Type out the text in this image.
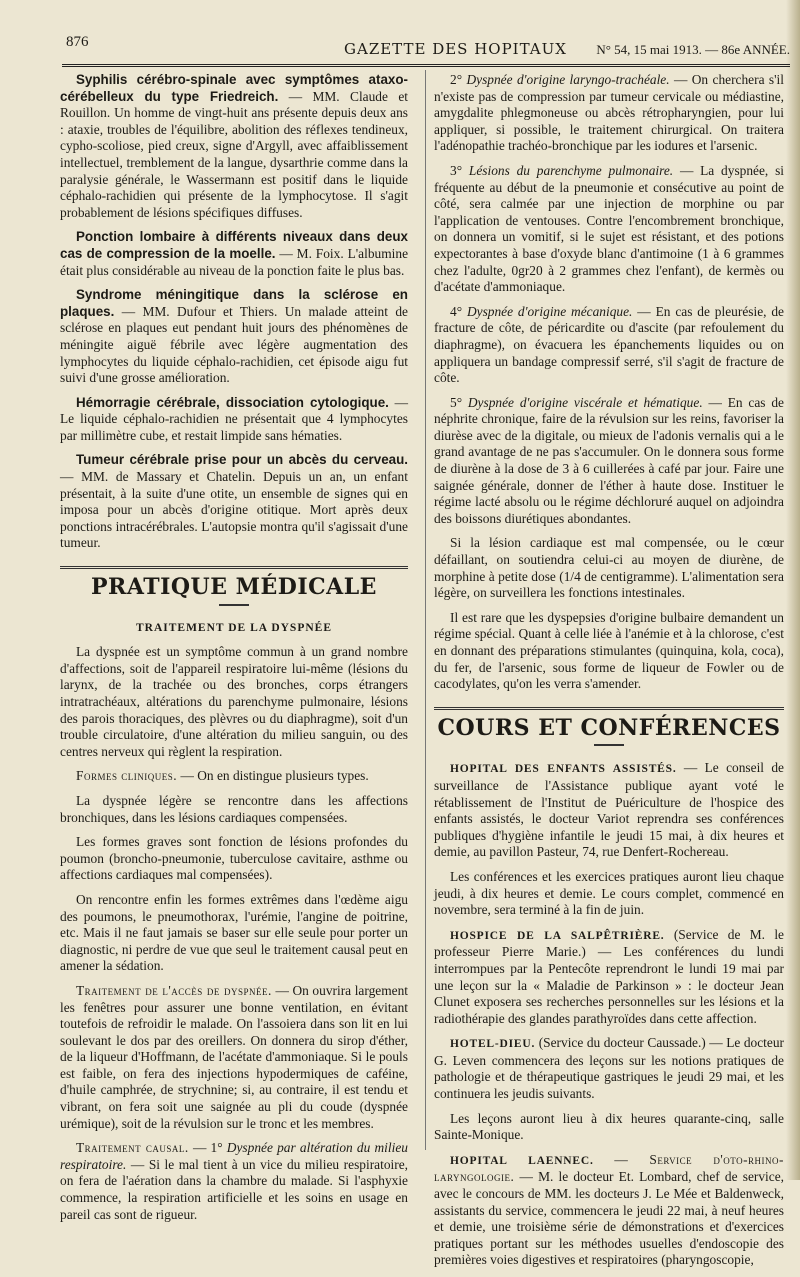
876	GAZETTE DES HOPITAUX N° 54, 15 mai 1913. — 86e ANNÉE.

Syphilis cérébro-spinale avec symptômes ataxo-cérébelleux du type Friedreich. — MM. Claude et Rouillon. Un homme de vingt-huit ans présente depuis deux ans : ataxie, troubles de l'équilibre, abolition des réflexes tendineux, cypho-scoliose, pied creux, signe d'Argyll, avec affaiblissement intellectuel, tremblement de la langue, dysarthrie comme dans la paralysie générale, le Wassermann est positif dans le liquide céphalo-rachidien qui présente de la lymphocytose. Il s'agit probablement de lésions spécifiques diffuses.

Ponction lombaire à différents niveaux dans deux cas de compression de la moelle. — M. Foix. L'albumine était plus considérable au niveau de la ponction faite le plus bas.

Syndrome méningitique dans la sclérose en plaques. — MM. Dufour et Thiers. Un malade atteint de sclérose en plaques eut pendant huit jours des phénomènes de méningite aiguë fébrile avec légère augmentation des lymphocytes du liquide céphalo-rachidien, cet épisode aigu fut suivi d'une grosse amélioration.

Hémorragie cérébrale, dissociation cytologique. — Le liquide céphalo-rachidien ne présentait que 4 lymphocytes par millimètre cube, et restait limpide sans hématies.

Tumeur cérébrale prise pour un abcès du cerveau. — MM. de Massary et Chatelin. Depuis un an, un enfant présentait, à la suite d'une otite, un ensemble de signes qui en imposa pour un abcès d'origine otitique. Mort après deux ponctions intracérébrales. L'autopsie montra qu'il s'agissait d'une tumeur.

PRATIQUE MÉDICALE
TRAITEMENT DE LA DYSPNÉE

La dyspnée est un symptôme commun à un grand nombre d'affections, soit de l'appareil respiratoire lui-même (lésions du larynx, de la trachée ou des bronches, corps étrangers intratrachéaux, altérations du parenchyme pulmonaire, lésions des parois thoraciques, des plèvres ou du diaphragme), soit d'un trouble circulatoire, d'une altération du milieu sanguin, ou des centres nerveux qui règlent la respiration.

Formes cliniques. — On en distingue plusieurs types.

La dyspnée légère se rencontre dans les affections bronchiques, dans les lésions cardiaques compensées.

Les formes graves sont fonction de lésions profondes du poumon (broncho-pneumonie, tuberculose cavitaire, asthme ou affections cardiaques mal compensées).

On rencontre enfin les formes extrêmes dans l'œdème aigu des poumons, le pneumothorax, l'urémie, l'angine de poitrine, etc. Mais il ne faut jamais se baser sur elle seule pour porter un diagnostic, ni perdre de vue que seul le traitement causal peut en amener la sédation.

Traitement de l'accès de dyspnée. — On ouvrira largement les fenêtres pour assurer une bonne ventilation, en évitant toutefois de refroidir le malade. On l'assoiera dans son lit en lui soulevant le dos par des oreillers. On donnera du sirop d'éther, de la liqueur d'Hoffmann, de l'acétate d'ammoniaque. Si le pouls est faible, on fera des injections hypodermiques de caféine, d'huile camphrée, de strychnine; si, au contraire, il est tendu et vibrant, on fera soit une saignée au pli du coude (dyspnée urémique), soit de la révulsion sur le tronc et les membres.

Traitement causal. — 1° Dyspnée par altération du milieu respiratoire. — Si le mal tient à un vice du milieu respiratoire, on fera de l'aération dans la chambre du malade. Si l'asphyxie commence, la respiration artificielle et les soins en usage en pareil cas sont de rigueur.

2° Dyspnée d'origine laryngo-trachéale. — On cherchera s'il n'existe pas de compression par tumeur cervicale ou médiastine, amygdalite phlegmoneuse ou abcès rétropharyngien, pour lui appliquer, si possible, le traitement chirurgical. On traitera l'adénopathie trachéo-bronchique par les iodures et l'arsenic.

3° Lésions du parenchyme pulmonaire. — La dyspnée, si fréquente au début de la pneumonie et consécutive au point de côté, sera calmée par une injection de morphine ou par l'application de ventouses. Contre l'encombrement bronchique, on donnera un vomitif, si le sujet est résistant, et des potions expectorantes à base d'oxyde blanc d'antimoine (1 à 6 grammes chez l'adulte, 0gr20 à 2 grammes chez l'enfant), de kermès ou d'acétate d'ammoniaque.

4° Dyspnée d'origine mécanique. — En cas de pleurésie, de fracture de côte, de péricardite ou d'ascite (par refoulement du diaphragme), on évacuera les épanchements liquides ou on appliquera un bandage compressif serré, s'il s'agit de fracture de côte.

5° Dyspnée d'origine viscérale et hématique. — En cas de néphrite chronique, faire de la révulsion sur les reins, favoriser la diurèse avec de la digitale, ou mieux de l'adonis vernalis qui a le grand avantage de ne pas s'accumuler. On le donnera sous forme de diurène à la dose de 3 à 6 cuillerées à café par jour. Faire une saignée générale, donner de l'éther à haute dose. Instituer le régime lacté absolu ou le régime déchloruré auquel on adjoindra des boissons diurétiques abondantes.

Si la lésion cardiaque est mal compensée, ou le cœur défaillant, on soutiendra celui-ci au moyen de diurène, de morphine à petite dose (1/4 de centigramme). L'alimentation sera légère, on surveillera les fonctions intestinales.

Il est rare que les dyspepsies d'origine bulbaire demandent un régime spécial. Quant à celle liée à l'anémie et à la chlorose, c'est en donnant des préparations stimulantes (quinquina, kola, coca), du fer, de l'arsenic, sous forme de liqueur de Fowler ou de cacodylates, qu'on les verra s'amender.

COURS ET CONFÉRENCES

HOPITAL DES ENFANTS ASSISTÉS. — Le conseil de surveillance de l'Assistance publique ayant voté le rétablissement de l'Institut de Puériculture de l'hospice des enfants assistés, le docteur Variot reprendra ses conférences publiques d'hygiène infantile le jeudi 15 mai, à dix heures et demie, au pavillon Pasteur, 74, rue Denfert-Rochereau.

Les conférences et les exercices pratiques auront lieu chaque jeudi, à dix heures et demie. Le cours complet, commencé en novembre, sera terminé à la fin de juin.

HOSPICE DE LA SALPÊTRIÈRE. (Service de M. le professeur Pierre Marie.) — Les conférences du lundi interrompues par la Pentecôte reprendront le lundi 19 mai par une leçon sur la « Maladie de Parkinson » : le docteur Jean Clunet exposera ses recherches personnelles sur les lésions et la radiothérapie des glandes parathyroïdes dans cette affection.

HOTEL-DIEU. (Service du docteur Caussade.) — Le docteur G. Leven commencera des leçons sur les notions pratiques de pathologie et de thérapeutique gastriques le jeudi 29 mai, et les continuera les jeudis suivants.

Les leçons auront lieu à dix heures quarante-cinq, salle Sainte-Monique.

HOPITAL LAENNEC. — Service d'oto-rhino-laryngologie. — M. le docteur Et. Lombard, chef de service, avec le concours de MM. les docteurs J. Le Mée et Baldenweck, assistants du service, commencera le jeudi 22 mai, à neuf heures et demie, une troisième série de démonstrations et d'exercices pratiques portant sur les méthodes usuelles d'endoscopie des premières voies digestives et respiratoires (pharyngoscopie,
